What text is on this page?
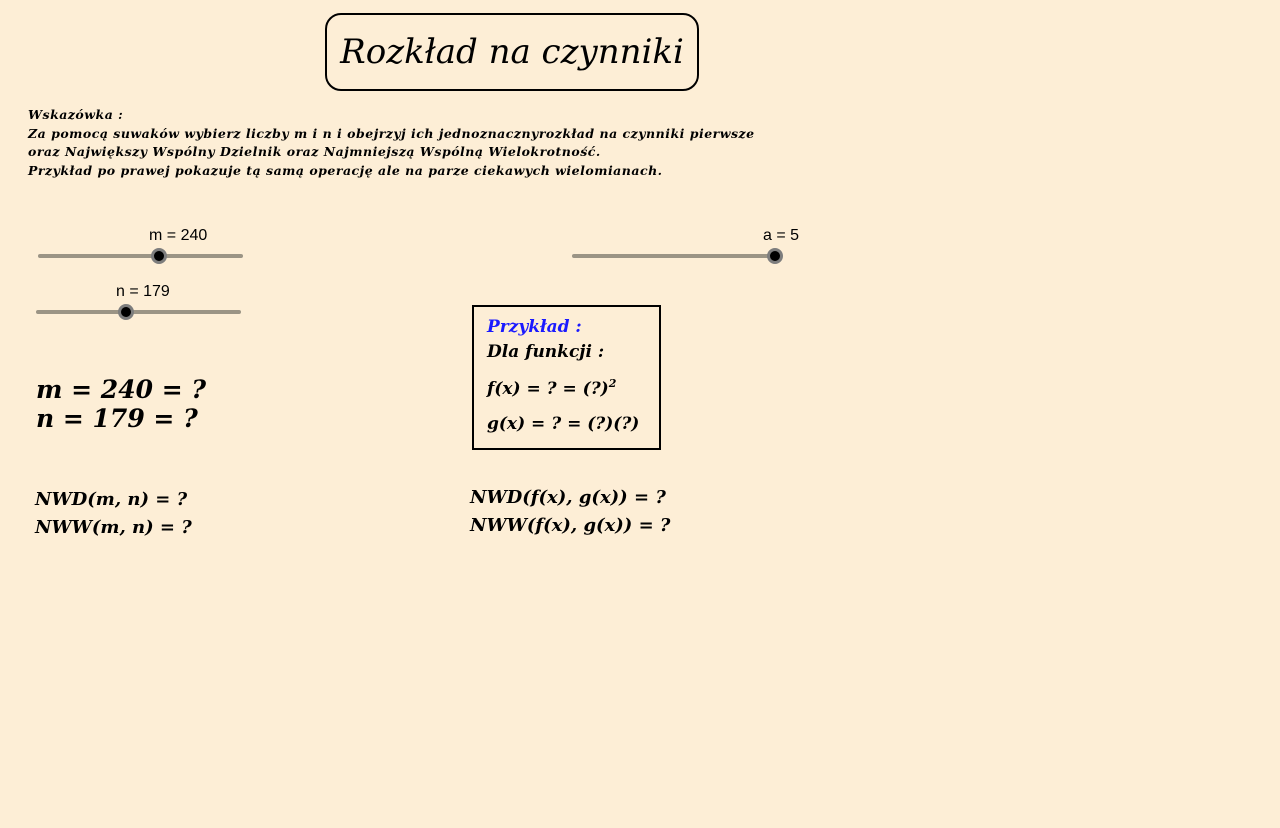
Rozkład na czynniki
Wskazówka :
Za pomocą suwaków wybierz liczby m i n i obejrzyj ich jednoznacznyrozkład na czynniki pierwsze
oraz Największy Wspólny Dzielnik oraz Najmniejszą Wspólną Wielokrotność.
Przykład po prawej pokazuje tą samą operację ale na parze ciekawych wielomianach.
m = 240
n = 179
a = 5
m = 240 = ?
n = 179 = ?
NWD(m, n) = ?
NWW(m, n) = ?
Przykład :
Dla funkcji :
f(x) = ? = (?)$^2$
g(x) = ? = (?)(?)
NWD(f(x), g(x)) = ?
NWW(f(x), g(x)) = ?
